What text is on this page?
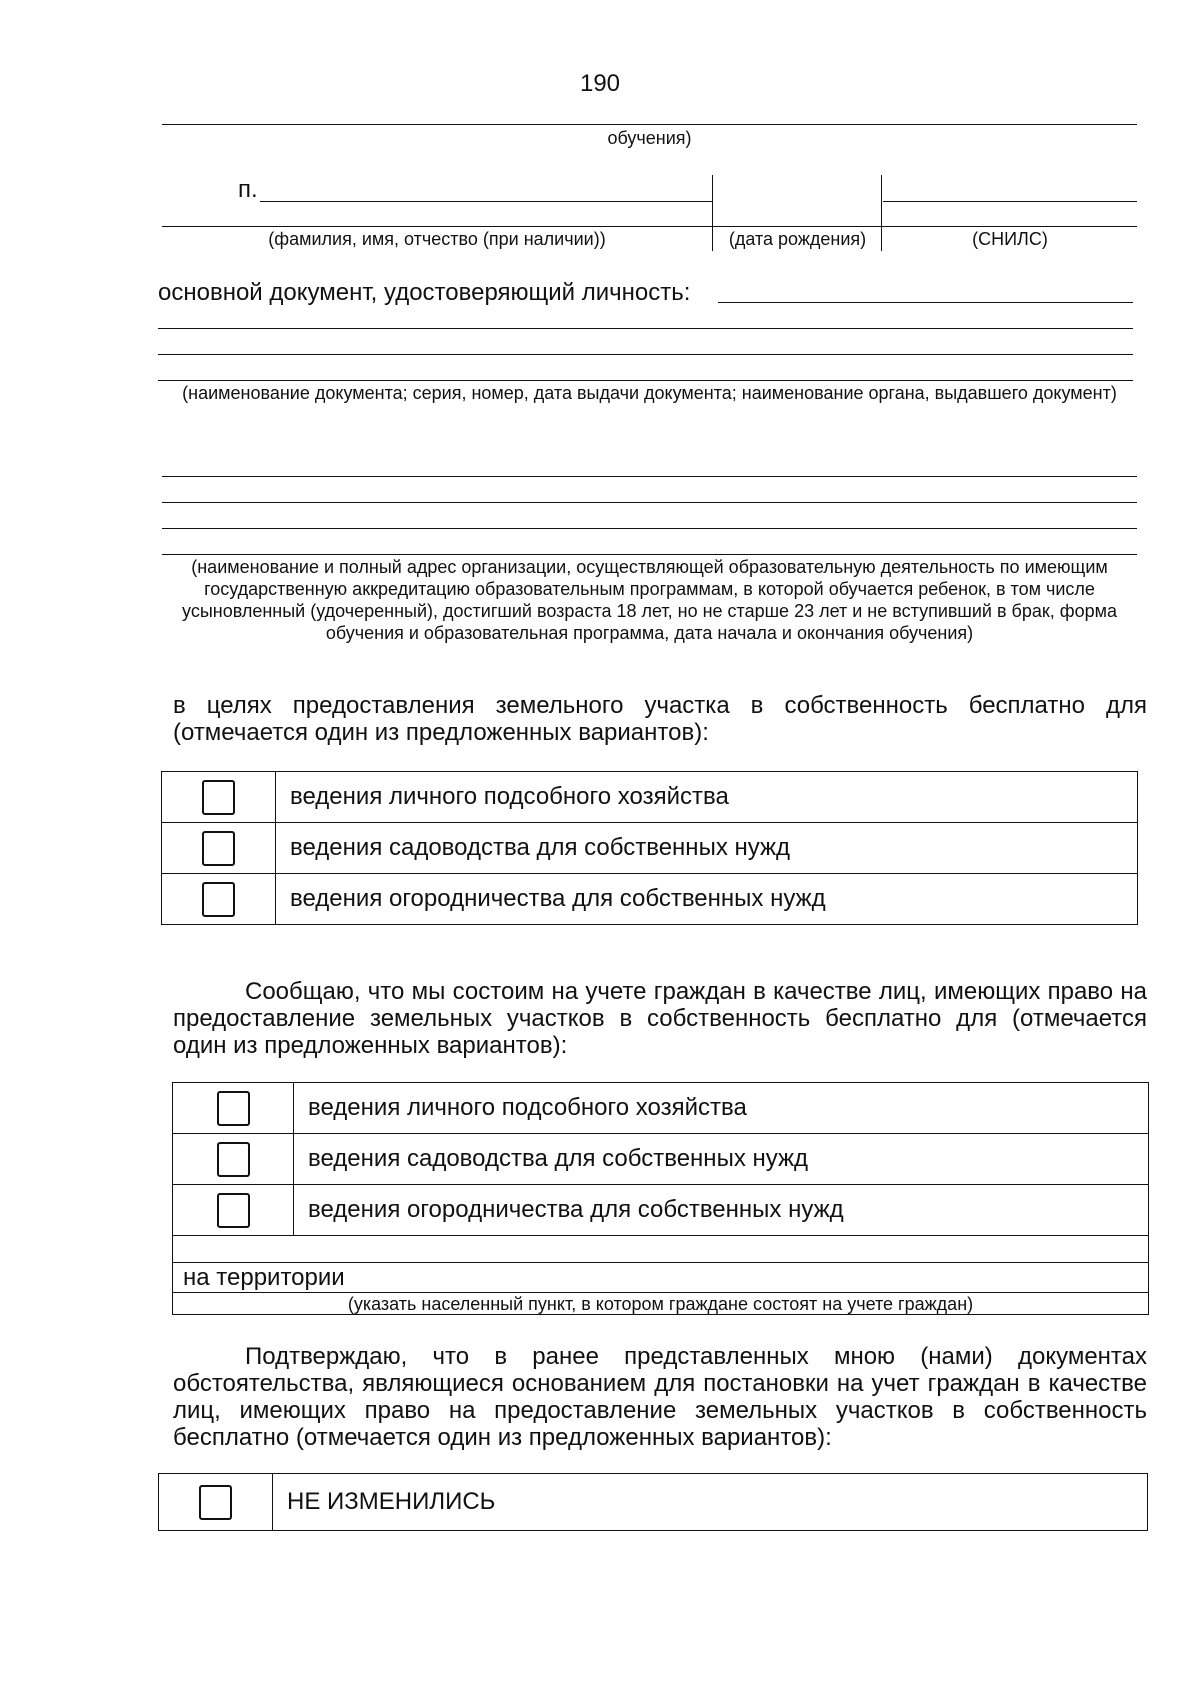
190
обучения)
п.
(фамилия, имя, отчество (при наличии))	(дата рождения)	(СНИЛС)
основной документ, удостоверяющий личность:
(наименование документа; серия, номер, дата выдачи документа; наименование органа, выдавшего документ)
(наименование и полный адрес организации, осуществляющей образовательную деятельность по имеющим государственную аккредитацию образовательным программам, в которой обучается ребенок, в том числе усыновленный (удочеренный), достигший возраста 18 лет, но не старше 23 лет и не вступивший в брак, форма обучения и образовательная программа, дата начала и окончания обучения)
в целях предоставления земельного участка в собственность бесплатно для (отмечается один из предложенных вариантов):
	ведения личного подсобного хозяйства
	ведения садоводства для собственных нужд
	ведения огородничества для собственных нужд
Сообщаю, что мы состоим на учете граждан в качестве лиц, имеющих право на предоставление земельных участков в собственность бесплатно для (отмечается один из предложенных вариантов):
	ведения личного подсобного хозяйства
	ведения садоводства для собственных нужд
	ведения огородничества для собственных нужд

на территории	
(указать населенный пункт, в котором граждане состоят на учете граждан)	
Подтверждаю, что в ранее представленных мною (нами) документах обстоятельства, являющиеся основанием для постановки на учет граждан в качестве лиц, имеющих право на предоставление земельных участков в собственность бесплатно (отмечается один из предложенных вариантов):
	НЕ ИЗМЕНИЛИСЬ
